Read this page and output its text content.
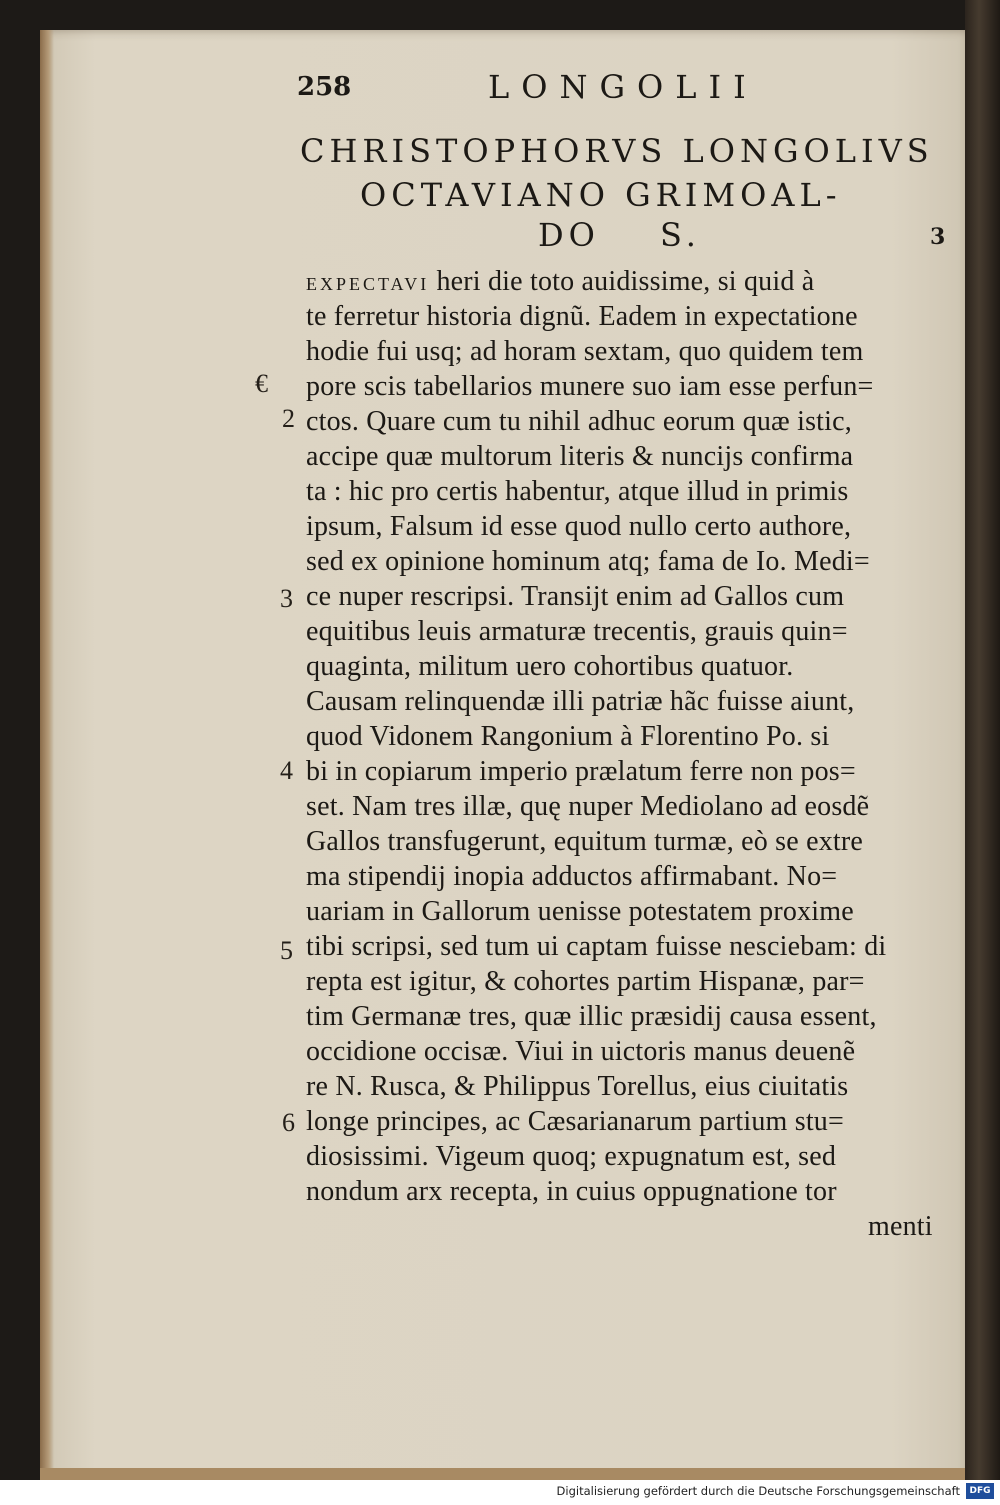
258	LONGOLII
CHRISTOPHORVS LONGOLIVS
OCTAVIANO GRIMOAL-
DO S.	3
EXPECTAVI heri die toto auidissime, si quid à
te ferretur historia dignũ. Eadem in expectatione
hodie fui usq; ad horam sextam, quo quidem tem
pore scis tabellarios munere suo iam esse perfun=
ctos. Quare cum tu nihil adhuc eorum quæ istic,
accipe quæ multorum literis & nuncijs confirma
ta : hic pro certis habentur, atque illud in primis
ipsum, Falsum id esse quod nullo certo authore,
sed ex opinione hominum atq; fama de Io. Medi=
ce nuper rescripsi. Transijt enim ad Gallos cum
equitibus leuis armaturæ trecentis, grauis quin=
quaginta, militum uero cohortibus quatuor.
Causam relinquendæ illi patriæ hãc fuisse aiunt,
quod Vidonem Rangonium à Florentino Po. si
bi in copiarum imperio prælatum ferre non pos=
set. Nam tres illæ, quę nuper Mediolano ad eosdẽ
Gallos transfugerunt, equitum turmæ, eò se extre
ma stipendij inopia adductos affirmabant. No=
uariam in Gallorum uenisse potestatem proxime
tibi scripsi, sed tum ui captam fuisse nesciebam: di
repta est igitur, & cohortes partim Hispanæ, par=
tim Germanæ tres, quæ illic præsidij causa essent,
occidione occisæ. Viui in uictoris manus deuenẽ
re N. Rusca, & Philippus Torellus, eius ciuitatis
longe principes, ac Cæsarianarum partium stu=
diosissimi. Vigeum quoq; expugnatum est, sed
nondum arx recepta, in cuius oppugnatione tor
menti
€
2
3
4
5
6
Digitalisierung gefördert durch die Deutsche Forschungsgemeinschaft	DFG
